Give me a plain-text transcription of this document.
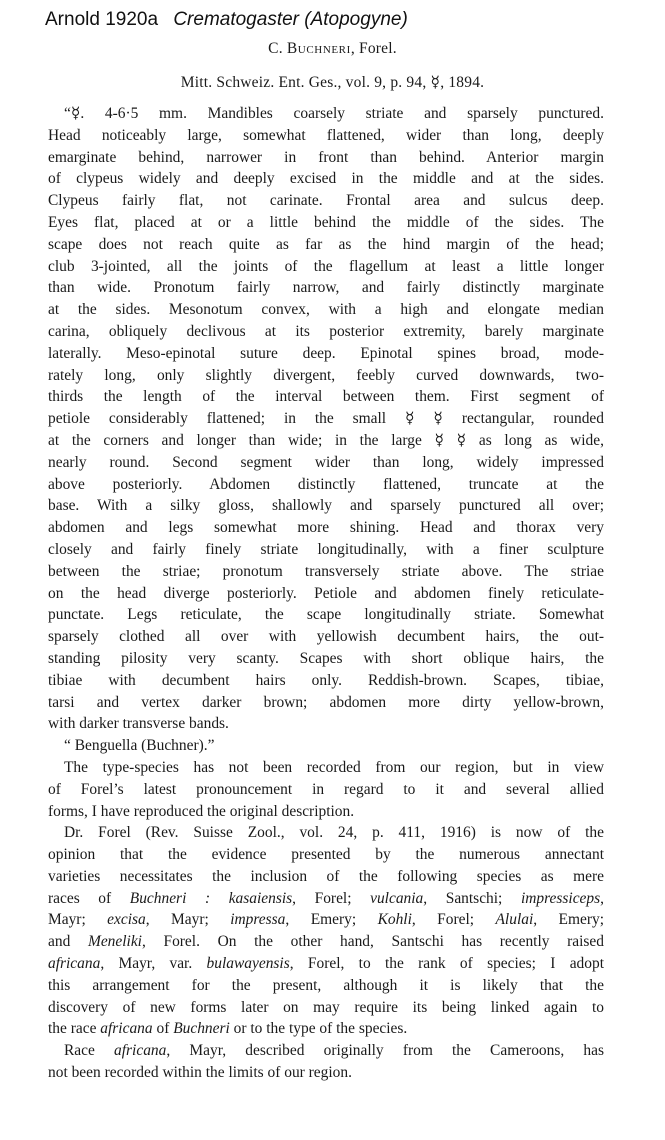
Arnold 1920a Crematogaster (Atopogyne)
C. Buchneri, Forel.
Mitt. Schweiz. Ent. Ges., vol. 9, p. 94, ☿, 1894.
“☿. 4-6·5 mm. Mandibles coarsely striate and sparsely punctured.
Head noticeably large, somewhat flattened, wider than long, deeply
emarginate behind, narrower in front than behind. Anterior margin
of clypeus widely and deeply excised in the middle and at the sides.
Clypeus fairly flat, not carinate. Frontal area and sulcus deep.
Eyes flat, placed at or a little behind the middle of the sides. The
scape does not reach quite as far as the hind margin of the head;
club 3-jointed, all the joints of the flagellum at least a little longer
than wide. Pronotum fairly narrow, and fairly distinctly marginate
at the sides. Mesonotum convex, with a high and elongate median
carina, obliquely declivous at its posterior extremity, barely marginate
laterally. Meso-epinotal suture deep. Epinotal spines broad, mode-
rately long, only slightly divergent, feebly curved downwards, two-
thirds the length of the interval between them. First segment of
petiole considerably flattened; in the small ☿ ☿ rectangular, rounded
at the corners and longer than wide; in the large ☿ ☿ as long as wide,
nearly round. Second segment wider than long, widely impressed
above posteriorly. Abdomen distinctly flattened, truncate at the
base. With a silky gloss, shallowly and sparsely punctured all over;
abdomen and legs somewhat more shining. Head and thorax very
closely and fairly finely striate longitudinally, with a finer sculpture
between the striae; pronotum transversely striate above. The striae
on the head diverge posteriorly. Petiole and abdomen finely reticulate-
punctate. Legs reticulate, the scape longitudinally striate. Somewhat
sparsely clothed all over with yellowish decumbent hairs, the out-
standing pilosity very scanty. Scapes with short oblique hairs, the
tibiae with decumbent hairs only. Reddish-brown. Scapes, tibiae,
tarsi and vertex darker brown; abdomen more dirty yellow-brown,
with darker transverse bands.
“ Benguella (Buchner).”
The type-species has not been recorded from our region, but in view
of Forel’s latest pronouncement in regard to it and several allied
forms, I have reproduced the original description.
Dr. Forel (Rev. Suisse Zool., vol. 24, p. 411, 1916) is now of the
opinion that the evidence presented by the numerous annectant
varieties necessitates the inclusion of the following species as mere
races of Buchneri : kasaiensis, Forel; vulcania, Santschi; impressiceps,
Mayr; excisa, Mayr; impressa, Emery; Kohli, Forel; Alulai, Emery;
and Meneliki, Forel. On the other hand, Santschi has recently raised
africana, Mayr, var. bulawayensis, Forel, to the rank of species; I adopt
this arrangement for the present, although it is likely that the
discovery of new forms later on may require its being linked again to
the race africana of Buchneri or to the type of the species.
Race africana, Mayr, described originally from the Cameroons, has
not been recorded within the limits of our region.
